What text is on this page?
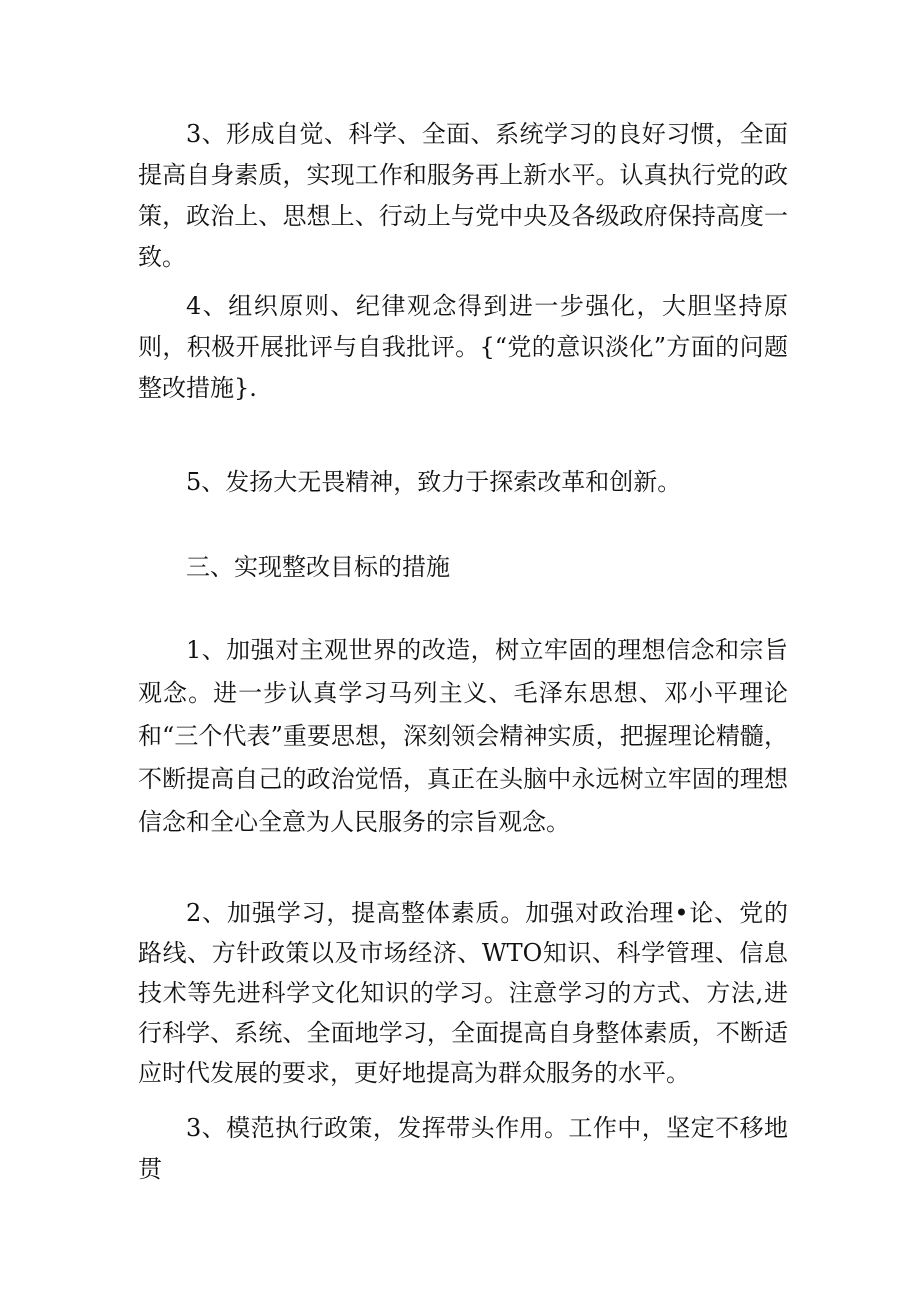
3、形成自觉、科学、全面、系统学习的良好习惯，全面提高自身素质，实现工作和服务再上新水平。认真执行党的政策，政治上、思想上、行动上与党中央及各级政府保持高度一致。

4、组织原则、纪律观念得到进一步强化，大胆坚持原则，积极开展批评与自我批评。{“党的意识淡化”方面的问题整改措施}.

5、发扬大无畏精神，致力于探索改革和创新。

三、实现整改目标的措施

1、加强对主观世界的改造，树立牢固的理想信念和宗旨观念。进一步认真学习马列主义、毛泽东思想、邓小平理论和“三个代表”重要思想，深刻领会精神实质，把握理论精髓，不断提高自己的政治觉悟，真正在头脑中永远树立牢固的理想信念和全心全意为人民服务的宗旨观念。

2、加强学习，提高整体素质。加强对政治理•论、党的路线、方针政策以及市场经济、WTO知识、科学管理、信息技术等先进科学文化知识的学习。注意学习的方式、方法,进行科学、系统、全面地学习，全面提高自身整体素质，不断适应时代发展的要求，更好地提高为群众服务的水平。

3、模范执行政策，发挥带头作用。工作中，坚定不移地贯
